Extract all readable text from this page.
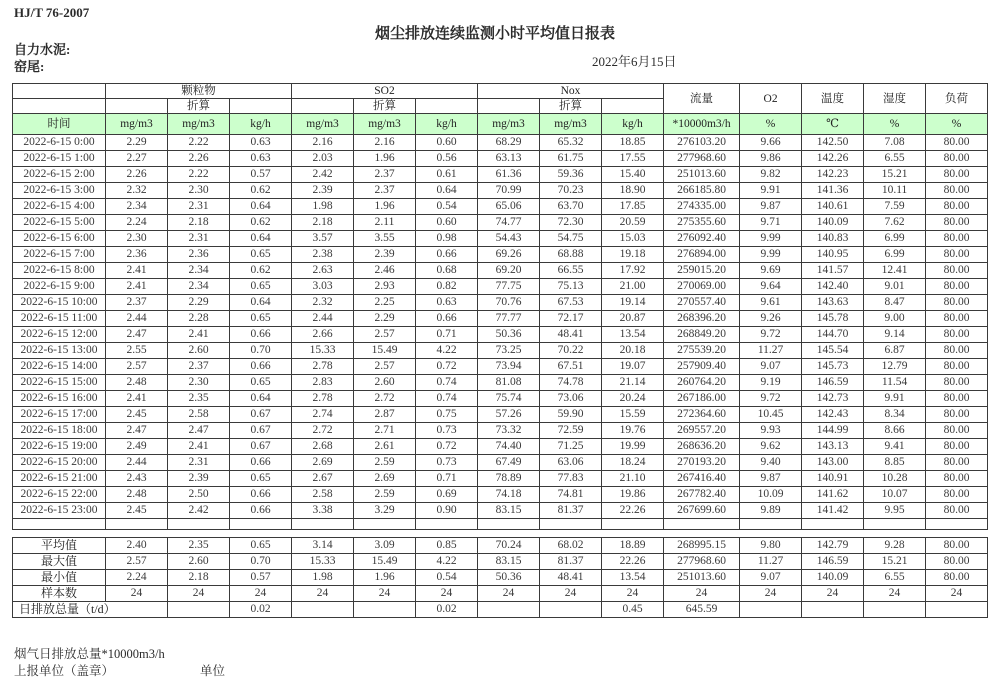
HJ/T 76-2007
烟尘排放连续监测小时平均值日报表
自力水泥:
窑尾:	2022年6月15日
	颗粒物			SO2			Nox			流量	O2	温度	湿度	负荷
		折算			折算			折算						
时间	mg/m3	mg/m3	kg/h	mg/m3	mg/m3	kg/h	mg/m3	mg/m3	kg/h	*10000m3/h	%	℃	%	%
2022-6-15 0:00	2.29	2.22	0.63	2.16	2.16	0.60	68.29	65.32	18.85	276103.20	9.66	142.50	7.08	80.00
2022-6-15 1:00	2.27	2.26	0.63	2.03	1.96	0.56	63.13	61.75	17.55	277968.60	9.86	142.26	6.55	80.00
2022-6-15 2:00	2.26	2.22	0.57	2.42	2.37	0.61	61.36	59.36	15.40	251013.60	9.82	142.23	15.21	80.00
2022-6-15 3:00	2.32	2.30	0.62	2.39	2.37	0.64	70.99	70.23	18.90	266185.80	9.91	141.36	10.11	80.00
2022-6-15 4:00	2.34	2.31	0.64	1.98	1.96	0.54	65.06	63.70	17.85	274335.00	9.87	140.61	7.59	80.00
2022-6-15 5:00	2.24	2.18	0.62	2.18	2.11	0.60	74.77	72.30	20.59	275355.60	9.71	140.09	7.62	80.00
2022-6-15 6:00	2.30	2.31	0.64	3.57	3.55	0.98	54.43	54.75	15.03	276092.40	9.99	140.83	6.99	80.00
2022-6-15 7:00	2.36	2.36	0.65	2.38	2.39	0.66	69.26	68.88	19.18	276894.00	9.99	140.95	6.99	80.00
2022-6-15 8:00	2.41	2.34	0.62	2.63	2.46	0.68	69.20	66.55	17.92	259015.20	9.69	141.57	12.41	80.00
2022-6-15 9:00	2.41	2.34	0.65	3.03	2.93	0.82	77.75	75.13	21.00	270069.00	9.64	142.40	9.01	80.00
2022-6-15 10:00	2.37	2.29	0.64	2.32	2.25	0.63	70.76	67.53	19.14	270557.40	9.61	143.63	8.47	80.00
2022-6-15 11:00	2.44	2.28	0.65	2.44	2.29	0.66	77.77	72.17	20.87	268396.20	9.26	145.78	9.00	80.00
2022-6-15 12:00	2.47	2.41	0.66	2.66	2.57	0.71	50.36	48.41	13.54	268849.20	9.72	144.70	9.14	80.00
2022-6-15 13:00	2.55	2.60	0.70	15.33	15.49	4.22	73.25	70.22	20.18	275539.20	11.27	145.54	6.87	80.00
2022-6-15 14:00	2.57	2.37	0.66	2.78	2.57	0.72	73.94	67.51	19.07	257909.40	9.07	145.73	12.79	80.00
2022-6-15 15:00	2.48	2.30	0.65	2.83	2.60	0.74	81.08	74.78	21.14	260764.20	9.19	146.59	11.54	80.00
2022-6-15 16:00	2.41	2.35	0.64	2.78	2.72	0.74	75.74	73.06	20.24	267186.00	9.72	142.73	9.91	80.00
2022-6-15 17:00	2.45	2.58	0.67	2.74	2.87	0.75	57.26	59.90	15.59	272364.60	10.45	142.43	8.34	80.00
2022-6-15 18:00	2.47	2.47	0.67	2.72	2.71	0.73	73.32	72.59	19.76	269557.20	9.93	144.99	8.66	80.00
2022-6-15 19:00	2.49	2.41	0.67	2.68	2.61	0.72	74.40	71.25	19.99	268636.20	9.62	143.13	9.41	80.00
2022-6-15 20:00	2.44	2.31	0.66	2.69	2.59	0.73	67.49	63.06	18.24	270193.20	9.40	143.00	8.85	80.00
2022-6-15 21:00	2.43	2.39	0.65	2.67	2.69	0.71	78.89	77.83	21.10	267416.40	9.87	140.91	10.28	80.00
2022-6-15 22:00	2.48	2.50	0.66	2.58	2.59	0.69	74.18	74.81	19.86	267782.40	10.09	141.62	10.07	80.00
2022-6-15 23:00	2.45	2.42	0.66	3.38	3.29	0.90	83.15	81.37	22.26	267699.60	9.89	141.42	9.95	80.00

平均值	2.40	2.35	0.65	3.14	3.09	0.85	70.24	68.02	18.89	268995.15	9.80	142.79	9.28	80.00
最大值	2.57	2.60	0.70	15.33	15.49	4.22	83.15	81.37	22.26	277968.60	11.27	146.59	15.21	80.00
最小值	2.24	2.18	0.57	1.98	1.96	0.54	50.36	48.41	13.54	251013.60	9.07	140.09	6.55	80.00
样本数	24	24	24	24	24	24	24	24	24	24	24	24	24	24
日排放总量（t/d）			0.02			0.02			0.45	645.59				
烟气日排放总量*10000m3/h
上报单位（盖章）	单位
